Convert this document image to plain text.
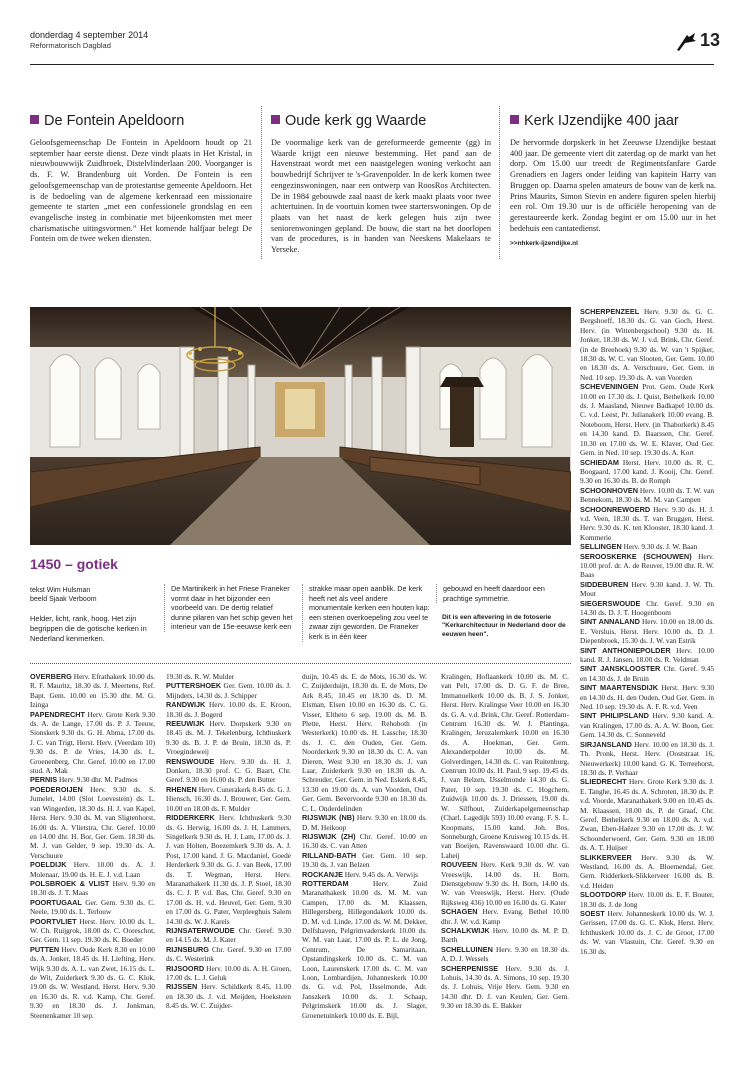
donderdag 4 september 2014
Reformatorisch Dagblad	13
De Fontein Apeldoorn

Geloofsgemeenschap De Fontein in Apeldoorn houdt op 21 september haar eerste dienst. Deze vindt plaats in Het Kristal, in nieuwbouwwijk Zuidbroek, Distelvlinderlaan 200. Voorganger is ds. F. W. Brandenburg uit Vorden. De Fontein is een geloofsgemeenschap van de protestantse gemeente Apeldoorn. Het is de bedoeling van de algemene kerkenraad een missionaire gemeente te starten „met een confessionele grondslag en een evangelische insteg in combinatie met bijeenkomsten met meer charismatische uitingsvormen.” Het komende halfjaar belegt De Fontein om de twee weken diensten.

Oude kerk gg Waarde

De voormalige kerk van de gereformeerde gemeente (gg) in Waarde krijgt een nieuwe bestemming. Het pand aan de Havenstraat wordt met een naastgelegen woning verkocht aan bouwbedrijf Schrijver te 's-Gravenpolder. In de kerk komen twee eengezinswoningen, naar een ontwerp van RoosRos Architecten. De in 1984 gebouwde zaal naast de kerk maakt plaats voor twee achtertuinen. In de voortuin komen twee starterswoningen. Op de plaats van het naast de kerk gelegen huis zijn twee seniorenwoningen gepland. De bouw, die start na het doorlopen van de procedures, is in handen van Neeskens Makelaars te Yerseke.

Kerk IJzendijke 400 jaar

De hervormde dorpskerk in het Zeeuwse IJzendijke bestaat 400 jaar. De gemeente viert dit zaterdag op de markt van het dorp. Om 15.00 uur treedt de Regimentsfanfare Garde Grenadiers en Jagers onder leiding van kapitein Harry van Bruggen op. Daarna spelen amateurs de bouw van de kerk na. Prins Maurits, Simon Stevin en andere figuren spelen hierbij een rol. Om 19.30 uur is de officiële heropening van de gerestaureerde kerk. Zondag begint er om 15.00 uur in het bedehuis een cantatedienst.

>>nhkerk-ijzendijke.nl
1450 – gotiek
tekst Wim Hulsman
beeld Sjaak Verboom
Helder, licht, rank, hoog. Het zijn begrippen die de gotische kerken in Nederland kenmerken.
De Martinikerk in het Friese Franeker vormt daar in het bijzonder een voorbeeld van. De dertig relatief dunne pilaren van het schip geven het interieur van de 15e-eeuwse kerk een
strakke maar open aanblik. De kerk heeft net als veel andere monumentale kerken een houten kap: een stenen overkoepeling zou veel te zwaar zijn geworden. De Franeker kerk is in één keer
gebouwd en heeft daardoor een prachtige symmetrie.
Dit is een aflevering in de fotoserie "Kerkarchitectuur in Nederland door de eeuwen heen".
OVERBERG Herv. Efrathakerk 10.00 ds. R. F. Mauritz, 18.30 ds. J. Meertens, Ref. Bapt. Gem. 10.00 en 15.30 dhr. M. G. Izinga
PAPENDRECHT Herv. Grote Kerk 9.30 ds. A. de Lange, 17.00 ds. P. J. Teeuw, Sionskerk 9.30 ds. G. H. Abma, 17.00 ds. J. C. van Trigt, Herst. Herv. (Veerdam 10) 9.30 ds. P. de Vries, 14.30 ds. L. Groenenberg, Chr. Geref. 10.00 en 17.00 stud. A. Mak
PERNIS Herv. 9.30 dhr. M. Padmos
POEDEROIJEN Herv. 9.30 ds. S. Jumelet, 14.00 (Slot Loevestein) ds. L. van Wingerden, 18.30 ds. H. J. van Kapel, Herst. Herv. 9.30 ds. M. van Sligtenhorst, 16.00 ds. A. Vlietstra, Chr. Geref. 10.00 en 14.00 dhr. H. Bor, Ger. Gem. 18.30 ds. M. J. van Gelder, 9 sep. 19.30 ds. A. Verschuure
POELDIJK Herv. 10.00 ds. A. J. Molenaar, 19.00 ds. H. E. J. v.d. Laan
POLSBROEK & VLIST Herv. 9.30 en 18.30 ds. J. T. Maas
POORTUGAAL Ger. Gem. 9.30 ds. C. Neele, 19.00 ds. L. Terlouw
POORTVLIET Herst. Herv. 10.00 ds. L. W. Ch. Ruijgrok, 18.00 ds. C. Ooreschot, Ger. Gem. 11 sep. 19.30 ds. K. Boeder
PUTTEN Herv. Oude Kerk 8.30 en 10.00 ds. A. Jonker, 18.45 ds. H. Liefting, Herv. Wijk 9.30 ds. A. L. van Zwet, 16.15 ds. L. de Wit, Zuiderkerk 9.30 ds. G. C. Klok, 19.00 ds. W. Westland, Herst. Herv. 9.30 en 16.30 ds. R. v.d. Kamp, Chr. Geref. 9.30 en 18.30 ds. J. Jonkman, Steenenkamer 10 sep.
19.30 ds. R. W. Mulder
PUTTERSHOEK Ger. Gem. 10.00 ds. J. Mijnders, 14.30 ds. J. Schipper
RANDWIJK Herv. 10.00 ds. E. Kroon, 18.30 ds. J. Bogerd
REEUWIJK Herv. Dorpskerk 9.30 en 18.45 ds. M. J. Tekelenburg, Ichthuskerk 9.30 ds. B. J. P. de Bruin, 18.30 ds. P. Vroegindeweij
RENSWOUDE Herv. 9.30 ds. H. J. Donken, 18.30 prof. C. G. Baart, Chr. Geref. 9.30 en 16.00 ds. P. den Butter
RHENEN Herv. Cunerakerk 8.45 ds. G. J. Hiensch, 16.30 ds. J. Brouwer, Ger. Gem. 10.00 en 18.00 ds. F. Mulder
RIDDERKERK Herv. Ichthuskerk 9.30 ds. G. Herwig, 16.00 ds. J. H. Lammers, Singelkerk 9.30 ds. H. J. Lam, 17.00 ds. J. J. van Holten, Boezemkerk 9.30 ds. A. J. Post, 17.00 kand. J. G. Macdaniel, Goede Herderkerk 9.30 ds. G. J. van Beek, 17.00 ds. T. Wegman, Herst. Herv. Maranathakerk 11.30 ds. J. P. Stoel, 18.30 ds. C. J. P. v.d. Bas, Chr. Geref. 9.30 en 17.00 ds. H. v.d. Heuvel, Ger. Gem. 9.30 en 17.00 ds. G. Pater, Verpleeghuis Salem 14.30 ds. W. J. Karels
RIJNSATERWOUDE Chr. Geref. 9.30 en 14.15 ds. M. J. Kater
RIJNSBURG Chr. Geref. 9.30 en 17.00 ds. C. Westerink
RIJSOORD Herv. 10.00 ds. A. H. Groen, 17.00 ds. L. J. Geluk
RIJSSEN Herv. Schildkerk 8.45, 11.00 en 18.30 ds. J. v.d. Meijden, Hoeksteen 8.45 ds. W. C. Zuijder-
duijn, 10.45 ds. E. de Mots, 16.30 ds. W. C. Zuijderduijn, 18.30 ds. E. de Mots, De Ark 8.45, 10.45 en 18.30 ds. D. M. Elsman, Elsen 10.00 en 16.30 ds. C. G. Visser, Eltheto 6 sep. 19.00 ds. M. B. Plette, Herst. Herv. Rehoboth (in Westerkerk) 10.00 ds. H. Lassche, 18.30 ds. J. C. den Ouden, Ger. Gem. Noorderkerk 9.30 en 18.30 ds. C. A. van Dieren, West 9.30 en 18.30 ds. J. van Laar, Zuiderkerk 9.30 en 18.30 ds. A. Schreuder, Ger. Gem. in Ned. Eskerk 8.45, 13.30 en 19.00 ds. A. van Voorden, Oud Ger. Gem. Bevervoorde 9.30 en 18.30 ds. C. L. Onderdelinden
RIJSWIJK (NB) Herv. 9.30 en 18.00 ds. D. M. Heikoop
RIJSWIJK (ZH) Chr. Geref. 10.00 en 16.30 ds. C. van Atten
RILLAND-BATH Ger. Gem. 10 sep. 19.30 ds. J. van Belzen
ROCKANJE Herv. 9.45 ds. A. Verwijs
ROTTERDAM Herv. Zuid Maranathakerk 10.00 ds. M. M. van Campen, 17.00 ds. M. Klaassen, Hillegersberg, Hillegondakerk 10.00 ds. D. M. v.d. Linde, 17.00 ds. W. M. Dekker, Delfshaven, Pelgrimvaderskerk 10.00 ds. W. M. van Laar, 17.00 ds. P. L. de Jong, Centrum, De Samaritaan, Opstandingskerk 10.00 ds. C. M. van Loon, Laurenskerk 17.00 ds. C. M. van Loon, Lombardijen, Johanneskerk 10.00 ds. G. v.d. Pol, IJsselmonde, Adr. Janszkerk 10.00 ds. J. Schaap, Pelgrimskerk 10.00 ds. J. Slager, Groenetuinkerk 10.00 ds. E. Bijl,
Kralingen, Hoflaankerk 10.00 ds. M. C. van Pelt, 17.00 ds. D. G. F. de Bree, Immanuelkerk 10.00 ds. B. J. S. Jonker, Herst. Herv. Kralingse Veer 10.00 en 16.30 ds. G. A. v.d. Brink, Chr. Geref. Rotterdam-Centrum 16.30 ds. W. J. Plantinga, Kralingen, Jeruzalemkerk 10.00 en 16.30 ds. A. Hoekman, Ger. Gem. Alexanderpolder 10.00 ds. M. Golverdingen, 14.30 ds. C. van Ruitenburg, Centrum 10.00 ds. H. Paul, 9 sep. 19.45 ds. J. van Belzen, IJsselmonde 14.30 ds. G. Pater, 10 sep. 19.30 ds. C. Hogchem, Zuidwijk 10.00 ds. J. Driessen, 19.00 ds. W. Silfhout, Zuiderkapelgemeenschap (Charl. Lagedijk 593) 10.00 evang. F. S. L. Koopmans, 15.00 kand. Joh. Bos, Sonneburgh, Groene Kruisweg 10.15 ds. H. van Boeijen, Ravenswaard 10.00 dhr. G. Laheij
ROUVEEN Herv. Kerk 9.30 ds. W. van Vreeswijk, 14.00 ds. H. Born, Dienstgebouw 9.30 ds. H. Born, 14.00 ds. W. van Vreeswijk, Herst. Herv. (Oude Rijksweg 436) 10.00 en 16.00 ds. G. Kater
SCHAGEN Herv. Evang. Bethel 10.00 dhr. J. W. v.d. Kamp
SCHALKWIJK Herv. 10.00 ds. M. P. D. Barth
SCHELLUINEN Herv. 9.30 en 18.30 ds. A. D. J. Wessels
SCHERPENISSE Herv. 9.30 ds. J. Lohuis, 14.30 ds. A. Simons, 10 sep. 19.30 ds. J. Lohuis, Vrije Herv. Gem. 9.30 en 14.30 dhr. D. J. van Keulen, Ger. Gem. 9.30 en 18.30 ds. E. Bakker
SCHERPENZEEL Herv. 9.30 ds. G. C. Bergshoeff, 18.30 ds. G. van Goch, Herst. Herv. (in Wittenbergschool) 9.30 ds. H. Jonker, 18.30 ds. W. J. v.d. Brink, Chr. Geref. (in de Breehoek) 9.30 ds. W. van 't Spijker, 18.30 ds. W. C. van Slooten, Ger. Gem. 10.00 en 18.30 ds. A. Verschuure, Ger. Gem. in Ned. 10 sep. 19.30 ds. A. van Voorden
SCHEVENINGEN Prot. Gem. Oude Kerk 10.00 en 17.30 ds. J. Quist, Bethelkerk 10.00 ds. J. Maasland, Nieuwe Badkapel 10.00 ds. C. v.d. Leest, Pr. Julianakerk 10.00 evang. B. Noteboom, Herst. Herv. (in Thaborkerk) 8.45 en 14.30 kand. D. Baarssen, Chr. Geref. 10.30 en 17.00 ds. W. E. Klaver, Oud Ger. Gem. in Ned. 10 sep. 19.30 ds. A. Kort
SCHIEDAM Herst. Herv. 10.00 ds. R. C. Boogaard, 17.00 kand. J. Kooij, Chr. Geref. 9.30 en 16.30 ds. B. de Romph
SCHOONHOVEN Herv. 10.00 ds. T. W. van Bennekom, 18.30 ds. M. M. van Campen
SCHOONREWOERD Herv. 9.30 ds. H. J. v.d. Veen, 18.30 ds. T. van Bruggen, Herst. Herv. 9.30 ds. K. ten Klooster, 18.30 kand. J. Kommerie
SELLINGEN Herv. 9.30 ds. J. W. Baan
SEROOSKERKE (SCHOUWEN) Herv. 10.00 prof. dr. A. de Reuver, 19.00 dhr. R. W. Baas
SIDDEBUREN Herv. 9.30 kand. J. W. Th. Mout
SIEGERSWOUDE Chr. Geref. 9.30 en 14.30 ds. D. J. T. Hoogenboom
SINT ANNALAND Herv. 10.00 en 18.00 ds. E. Versluis, Herst. Herv. 10.00 ds. D. J. Diepenbroek, 15.30 ds. J. W. van Estrik
SINT ANTHONIEPOLDER Herv. 10.00 kand. R. J. Jansen, 18.00 ds. R. Veldman
SINT JANSKLOOSTER Chr. Geref. 9.45 en 14.30 ds. J. de Bruin
SINT MAARTENSDIJK Herst. Herv. 9.30 en 14.30 ds. H. den Ouden, Oud Ger. Gem. in Ned. 10 sep. 19.30 ds. A. F. R. v.d. Veen
SINT PHILIPSLAND Herv. 9.30 kand. A. van Kralingen, 17.00 ds. A. A. W. Boon, Ger. Gem. 14.30 ds. C. Sonneveld
SIRJANSLAND Herv. 10.00 en 18.30 ds. J. Th. Pronk, Herst. Herv. (Ooststraat 16, Nieuwerkerk) 10.00 kand. G. K. Terreehorst, 18.30 ds. P. Verhaar
SLIEDRECHT Herv. Grote Kerk 9.30 ds. J. E. Tanghe, 16.45 ds. A. Schroten, 18.30 ds. P. v.d. Voorde, Maranathakerk 9.00 en 10.45 ds. M. Klaassen, 18.00 ds. P. de Graaf, Chr. Geref. Bethelkerk 9.30 en 18.00 ds. A. v.d. Zwan, Eben-Haëzer 9.30 en 17.00 ds. J. W. Schoonderwoerd, Ger. Gem. 9.30 en 18.00 ds. A. T. Huijser
SLIKKERVEER Herv. 9.30 ds. W. Westland, 16.00 ds. A. Bloemendal, Ger. Gem. Ridderkerk-Slikkerveer 16.00 ds. B. v.d. Heiden
SLOOTDORP Herv. 10.00 ds. E. F. Bouter, 18.30 ds. J. de Jong
SOEST Herv. Johanneskerk 10.00 ds. W. J. Gerissen, 17.00 ds. G. C. Klok, Herst. Herv. Ichthuskerk 10.00 ds. J. C. de Groot, 17.00 ds. W. van Vlastuin, Chr. Geref. 9.30 en 16.30 ds.
